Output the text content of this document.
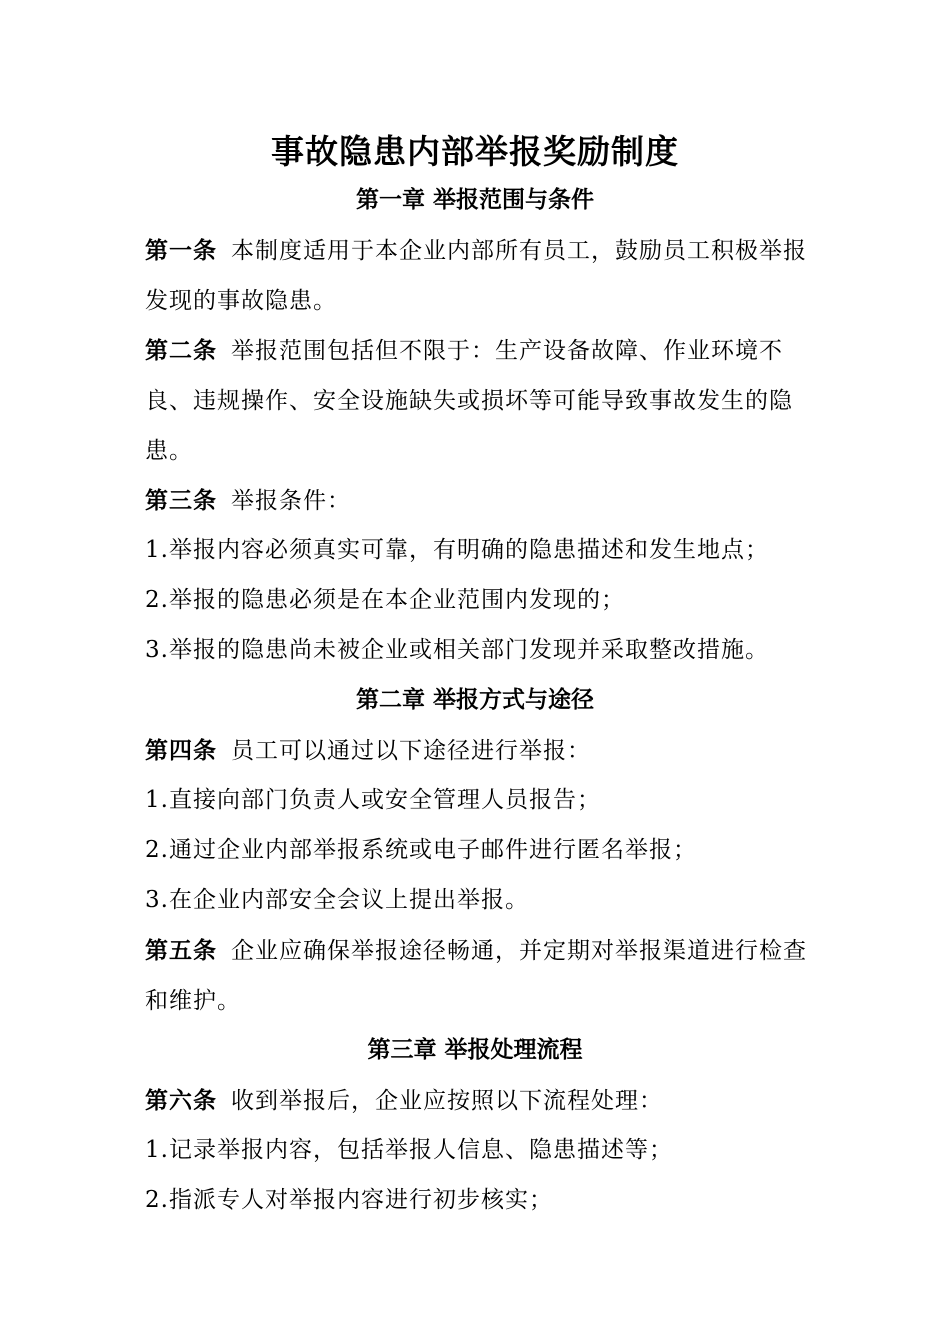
事故隐患内部举报奖励制度
第一章 举报范围与条件

第一条 本制度适用于本企业内部所有员工，鼓励员工积极举报发现的事故隐患。

第二条 举报范围包括但不限于：生产设备故障、作业环境不良、违规操作、安全设施缺失或损坏等可能导致事故发生的隐患。

第三条 举报条件：

1.举报内容必须真实可靠，有明确的隐患描述和发生地点；
2.举报的隐患必须是在本企业范围内发现的；
3.举报的隐患尚未被企业或相关部门发现并采取整改措施。
第二章 举报方式与途径

第四条 员工可以通过以下途径进行举报：

1.直接向部门负责人或安全管理人员报告；
2.通过企业内部举报系统或电子邮件进行匿名举报；
3.在企业内部安全会议上提出举报。

第五条 企业应确保举报途径畅通，并定期对举报渠道进行检查和维护。

第三章 举报处理流程

第六条 收到举报后，企业应按照以下流程处理：

1.记录举报内容，包括举报人信息、隐患描述等；
2.指派专人对举报内容进行初步核实；
